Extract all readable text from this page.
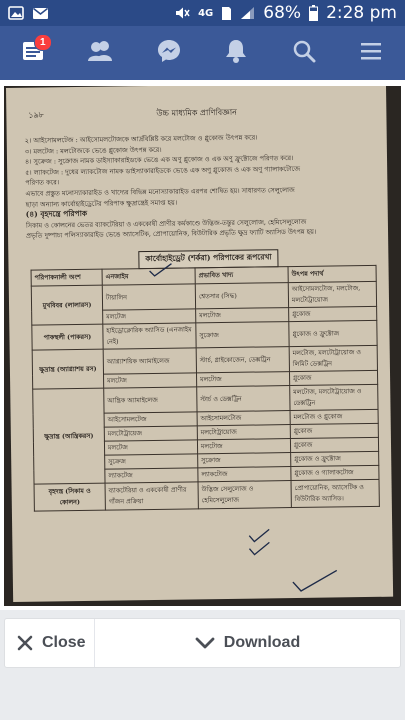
4G	68% 2:28 pm
1
১৯৮	উচ্চ মাধ্যমিক প্রাণিবিজ্ঞান
২। আইসোমলটেজ : আইসোমলটোজকে আর্দ্রবিশ্লিষ্ট করে মলটোজ ও গ্লুকোজ উৎপন্ন করে।
৩। মলটেজ : মলটোজকে ভেঙে গ্লুকোজ উৎপন্ন করে।
৪। সুক্রেজ : সুক্রোজ নামক ডাইস্যাকারাইডকে ভেঙে এক অণু গ্লুকোজ ও এক অণু ফ্রুক্টোজে পরিণত করে।
৫। ল্যাকটেজ : দুধের ল্যাকটোজ নামক ডাইস্যাকারাইডকে ভেঙে এক অণু গ্লুকোজ ও এক অণু গ্যালাকটোজে
পরিণত করে।
এভাবে প্রস্তুত মনোস্যাকারাইড ও খাদ্যের বিভিন্ন মনোস্যাকারাইড এরপর শোষিত হয়। সাধারণত সেলুলোজ
ছাড়া অন্যান্য কার্বোহাইড্রেটের পরিপাক ক্ষুদ্রান্ত্রেই সমাপ্ত হয়।
(৪) বৃহদন্ত্রে পরিপাক
সিকাম ও কোলনের ভেতর ব্যাকটেরিয়া ও এককোষী প্রাণীর কর্মকাণ্ডে উদ্ভিজ-তন্তুর সেলুলোজ, হেমিসেলুলোজ
প্রভৃতি দুষ্পাচ্য পলিস্যাকারাইড ভেঙে অ্যাসেটিক, প্রোপায়োনিক, বিউটারিক প্রভৃতি ক্ষুদ্র ফ্যাটি অ্যাসিড উৎপন্ন হয়।
কার্বোহাইড্রেট (শর্করা) পরিপাকের রূপরেখা
পরিপাকনালী অংশ	এনজাইম	প্রভাবিত খাদ্য	উৎপন্ন পদার্থ
মুখবিবর (লালারস)	টায়ালিন	শ্বেতসার (সিদ্ধ)	আইসোমলটোজ, মলটোজ, মলটোট্রায়োজ
	মলটেজ	মলটোজ	গ্লুকোজ
পাকস্থলী (পাকরস)	হাইড্রোক্লোরিক অ্যাসিড (এনজাইম নেই)	সুক্রোজ	গ্লুকোজ ও ফ্রুক্টোজ
ক্ষুদ্রান্ত্র (অ্যাগ্ন্যাশয় রস)	অ্যাগ্ন্যাশয়িক অ্যামাইলেজ	স্টার্চ, গ্লাইকোজেন, ডেক্সট্রিন	মলটোজ, মলটোট্রায়োজ ও লিমিট ডেক্সট্রিন
	মলটেজ	মলটোজ	গ্লুকোজ
ক্ষুদ্রান্ত্র (আন্ত্রিকরস)	আন্ত্রিক অ্যামাইলেজ	স্টার্চ ও ডেক্সট্রিন	মলটোজ, মলটোট্রায়োজ ও ডেক্সট্রিন
	আইসোমলটেজ	আইসোমলটোজ	মলটোজ ও গ্লুকোজ
	মলটোট্রায়েজ	মলটোট্রায়োজ	গ্লুকোজ
	মলটেজ	মলটোজ	গ্লুকোজ
	সুক্রেজ	সুক্রোজ	গ্লুকোজ ও ফ্রুক্টোজ
	ল্যাকটেজ	ল্যাকটোজ	গ্লুকোজ ও গ্যালাকটোজ
বৃহদন্ত্র (সিকাম ও কোলন)	ব্যাকটেরিয়া ও এককোষী প্রাণীর গাঁজন প্রক্রিয়া	উদ্ভিজ সেলুলোজ ও হেমিসেলুলোজ	প্রোপায়োনিক, অ্যাসেটিক ও বিউটারিক অ্যাসিড।
Close	Download
